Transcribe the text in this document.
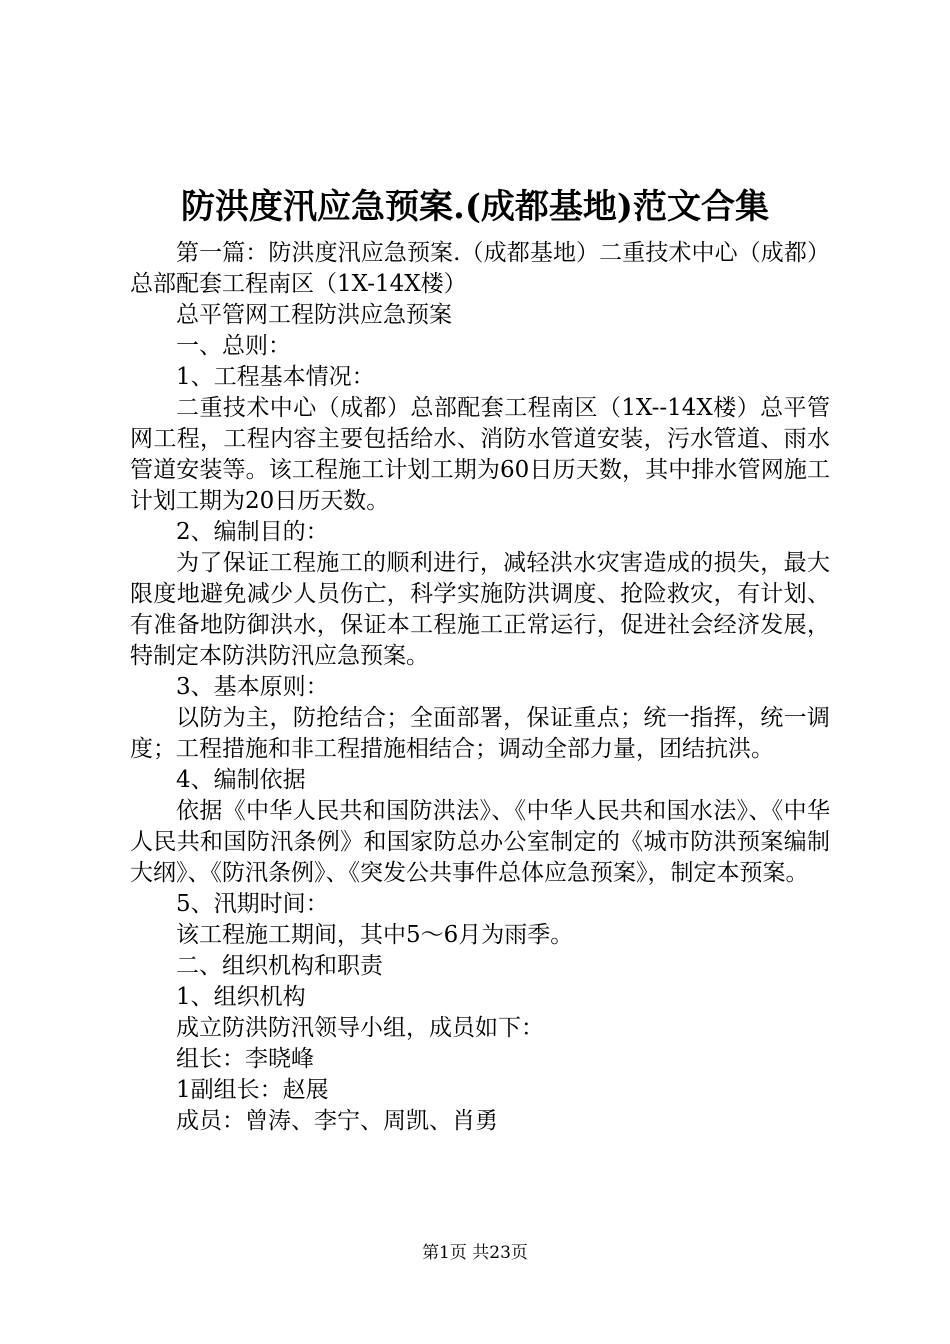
防洪度汛应急预案.(成都基地)范文合集

第一篇：防洪度汛应急预案.（成都基地）二重技术中心（成都）总部配套工程南区（1X-14X楼）

总平管网工程防洪应急预案

一、总则：

1、工程基本情况：

二重技术中心（成都）总部配套工程南区（1X--14X楼）总平管网工程，工程内容主要包括给水、消防水管道安装，污水管道、雨水管道安装等。该工程施工计划工期为60日历天数，其中排水管网施工计划工期为20日历天数。

2、编制目的：

为了保证工程施工的顺利进行，减轻洪水灾害造成的损失，最大限度地避免减少人员伤亡，科学实施防洪调度、抢险救灾，有计划、有准备地防御洪水，保证本工程施工正常运行，促进社会经济发展，特制定本防洪防汛应急预案。

3、基本原则：

以防为主，防抢结合；全面部署，保证重点；统一指挥，统一调度；工程措施和非工程措施相结合；调动全部力量，团结抗洪。

4、编制依据

依据《中华人民共和国防洪法》、《中华人民共和国水法》、《中华人民共和国防汛条例》和国家防总办公室制定的《城市防洪预案编制大纲》、《防汛条例》、《突发公共事件总体应急预案》，制定本预案。

5、汛期时间：

该工程施工期间，其中5～6月为雨季。

二、组织机构和职责

1、组织机构

成立防洪防汛领导小组，成员如下：

组长：李晓峰

1副组长：赵展

成员：曾涛、李宁、周凯、肖勇

第1页 共23页
